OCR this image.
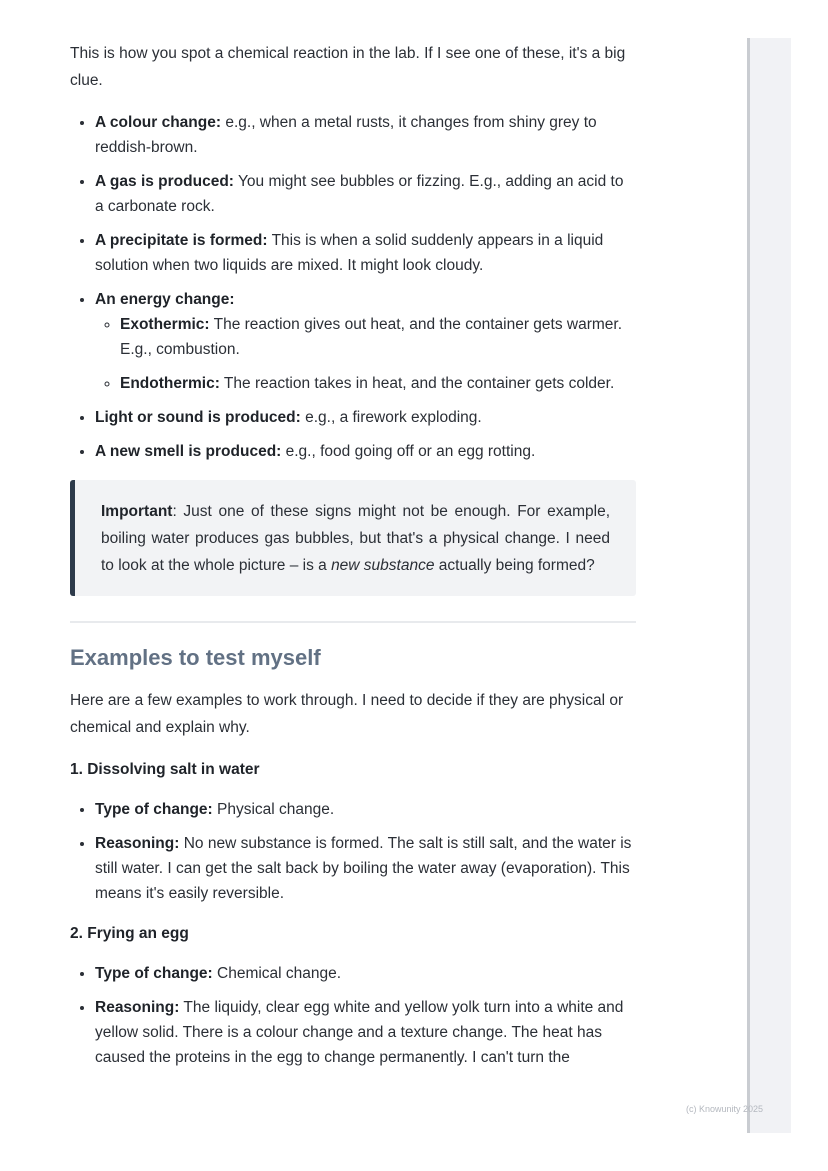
This is how you spot a chemical reaction in the lab. If I see one of these, it's a big clue.

• A colour change: e.g., when a metal rusts, it changes from shiny grey to reddish-brown.
• A gas is produced: You might see bubbles or fizzing. E.g., adding an acid to a carbonate rock.
• A precipitate is formed: This is when a solid suddenly appears in a liquid solution when two liquids are mixed. It might look cloudy.
• An energy change:
◦ Exothermic: The reaction gives out heat, and the container gets warmer. E.g., combustion.
◦ Endothermic: The reaction takes in heat, and the container gets colder.
• Light or sound is produced: e.g., a firework exploding.
• A new smell is produced: e.g., food going off or an egg rotting.
Important: Just one of these signs might not be enough. For example, boiling water produces gas bubbles, but that's a physical change. I need to look at the whole picture – is a new substance actually being formed?
Examples to test myself

Here are a few examples to work through. I need to decide if they are physical or chemical and explain why.

1. Dissolving salt in water
• Type of change: Physical change.
• Reasoning: No new substance is formed. The salt is still salt, and the water is still water. I can get the salt back by boiling the water away (evaporation). This means it's easily reversible.
2. Frying an egg
• Type of change: Chemical change.
• Reasoning: The liquidy, clear egg white and yellow yolk turn into a white and yellow solid. There is a colour change and a texture change. The heat has caused the proteins in the egg to change permanently. I can't turn the
(c) Knowunity 2025
